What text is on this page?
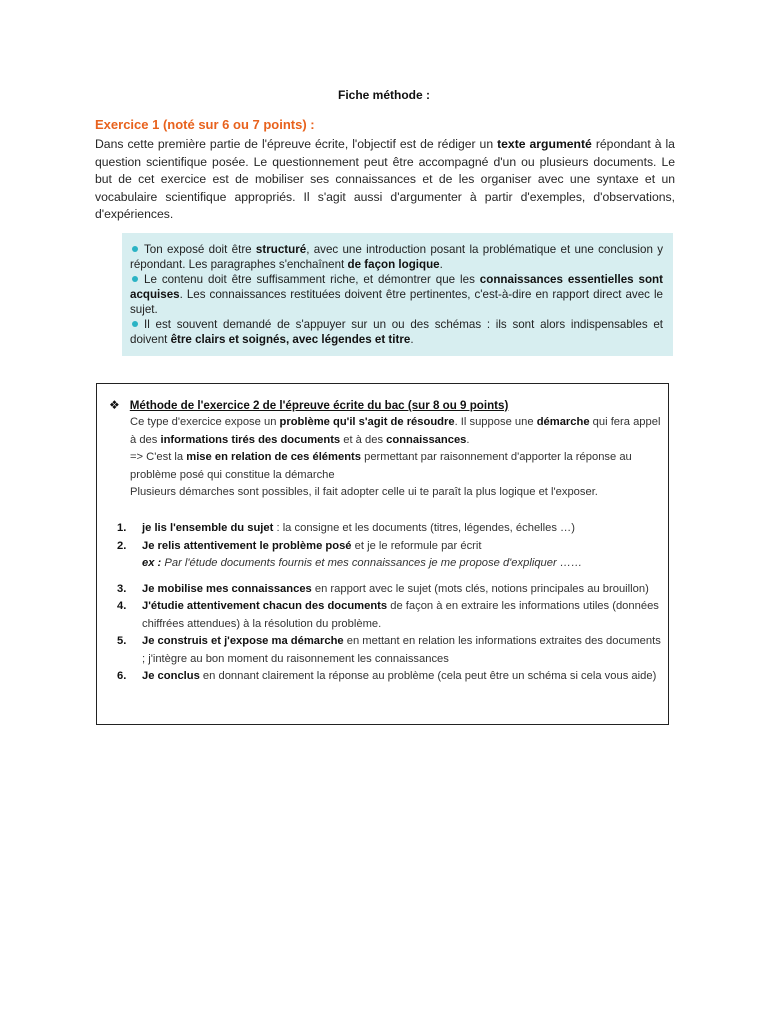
Fiche méthode :
Exercice 1 (noté sur 6 ou 7 points) :

Dans cette première partie de l'épreuve écrite, l'objectif est de rédiger un texte argumenté répondant à la question scientifique posée. Le questionnement peut être accompagné d'un ou plusieurs documents. Le but de cet exercice est de mobiliser ses connaissances et de les organiser avec une syntaxe et un vocabulaire scientifique appropriés. Il s'agit aussi d'argumenter à partir d'exemples, d'observations, d'expériences.

Ton exposé doit être structuré, avec une introduction posant la problématique et une conclusion y répondant. Les paragraphes s'enchaînent de façon logique.

Le contenu doit être suffisamment riche, et démontrer que les connaissances essentielles sont acquises. Les connaissances restituées doivent être pertinentes, c'est-à-dire en rapport direct avec le sujet.

Il est souvent demandé de s'appuyer sur un ou des schémas : ils sont alors indispensables et doivent être clairs et soignés, avec légendes et titre.

❖ Méthode de l'exercice 2 de l'épreuve écrite du bac (sur 8 ou 9 points)

Ce type d'exercice expose un problème qu'il s'agit de résoudre. Il suppose une démarche qui fera appel à des informations tirés des documents et à des connaissances.

=> C'est la mise en relation de ces éléments permettant par raisonnement d'apporter la réponse au problème posé qui constitue la démarche

Plusieurs démarches sont possibles, il fait adopter celle ui te paraît la plus logique et l'exposer.

1.	je lis l'ensemble du sujet : la consigne et les documents (titres, légendes, échelles …)
2.	Je relis attentivement le problème posé et je le reformule par écrit
ex : Par l'étude documents fournis et mes connaissances je me propose d'expliquer ……
3.	Je mobilise mes connaissances en rapport avec le sujet (mots clés, notions principales au brouillon)
4.	J'étudie attentivement chacun des documents de façon à en extraire les informations utiles (données chiffrées attendues) à la résolution du problème.
5.	Je construis et j'expose ma démarche en mettant en relation les informations extraites des documents ; j'intègre au bon moment du raisonnement les connaissances
6.	Je conclus en donnant clairement la réponse au problème (cela peut être un schéma si cela vous aide)
